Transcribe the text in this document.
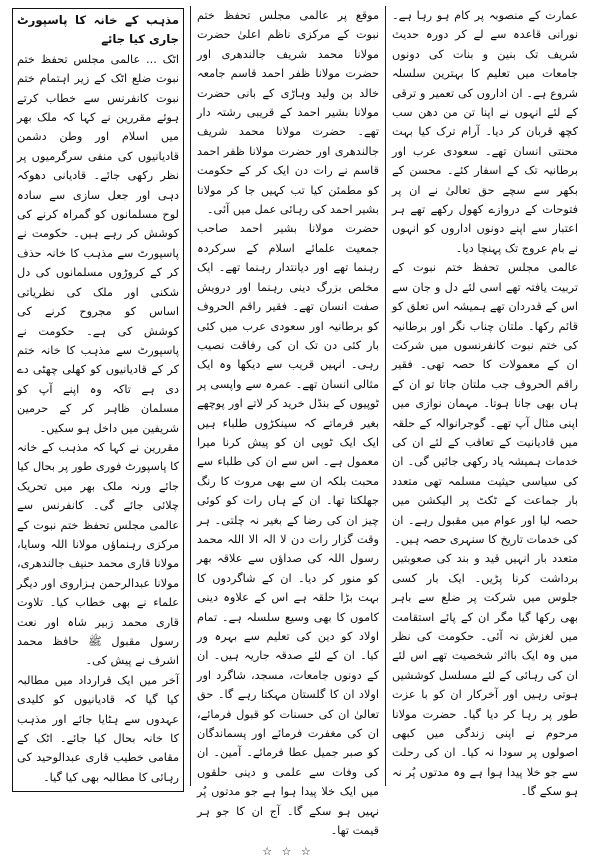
عمارت کے منصوبہ پر کام ہو رہا ہے۔ نورانی قاعدہ سے لے کر دورہ حدیث شریف تک بنین و بنات کی دونوں جامعات میں تعلیم کا بہترین سلسلہ شروع ہے۔ ان اداروں کی تعمیر و ترقی کے لئے انہوں نے اپنا تن من دھن سب کچھ قربان کر دیا۔ آرام ترک کیا بہت محنتی انسان تھے۔ سعودی عرب اور برطانیہ تک کے اسفار کئے۔ محسن کے بکھر سے سچے حق تعالیٰ نے ان پر فتوحات کے دروازے کھول رکھے تھے ہر اعتبار سے اپنے دونوں اداروں کو انہوں نے بام عروج تک پہنچا دیا۔

عالمی مجلس تحفظ ختم نبوت کے تربیت یافتہ تھے اسی لئے دل و جان سے اس کے قدردان تھے ہمیشہ اس تعلق کو قائم رکھا۔ ملتان چناب نگر اور برطانیہ کی ختم نبوت کانفرنسوں میں شرکت ان کے معمولات کا حصہ تھی۔ فقیر راقم الحروف جب ملتان جاتا تو ان کے ہاں بھی جانا ہوتا۔ مہمان نوازی میں اپنی مثال آپ تھے۔ گوجرانوالہ کے حلقہ میں قادیانیت کے تعاقب کے لئے ان کی خدمات ہمیشہ یاد رکھی جائیں گی۔ ان کی سیاسی حیثیت مسلمہ تھی متعدد بار جماعت کے ٹکٹ پر الیکشن میں حصہ لیا اور عوام میں مقبول رہے۔ ان کی خدمات تاریخ کا سنہری حصہ ہیں۔

متعدد بار انہیں قید و بند کی صعوبتیں برداشت کرنا پڑیں۔ ایک بار کسی جلوس میں شرکت پر ضلع سے باہر بھی رکھا گیا مگر ان کے پائے استقامت میں لغزش نہ آئی۔ حکومت کی نظر میں وہ ایک بااثر شخصیت تھے اس لئے ان کی رہائی کے لئے مسلسل کوششیں ہوتی رہیں اور آخرکار ان کو با عزت طور پر رہا کر دیا گیا۔ حضرت مولانا مرحوم نے اپنی زندگی میں کبھی اصولوں پر سودا نہ کیا۔ ان کی رحلت سے جو خلا پیدا ہوا ہے وہ مدتوں پُر نہ ہو سکے گا۔

موقع پر عالمی مجلس تحفظ ختم نبوت کے مرکزی ناظم اعلیٰ حضرت مولانا محمد شریف جالندھری اور حضرت مولانا ظفر احمد قاسم جامعہ خالد بن ولید وہاڑی کے بانی حضرت مولانا بشیر احمد کے قریبی رشتہ دار تھے۔ حضرت مولانا محمد شریف جالندھری اور حضرت مولانا ظفر احمد قاسم نے رات دن ایک کر کے حکومت کو مطمئن کیا تب کہیں جا کر مولانا بشیر احمد کی رہائی عمل میں آئی۔

حضرت مولانا بشیر احمد صاحب جمعیت علمائے اسلام کے سرکردہ رہنما تھے اور دیانتدار رہنما تھے۔ ایک مخلص بزرگ دینی رہنما اور درویش صفت انسان تھے۔ فقیر راقم الحروف کو برطانیہ اور سعودی عرب میں کئی بار کئی دن تک ان کی رفاقت نصیب رہی۔ انہیں قریب سے دیکھا وہ ایک مثالی انسان تھے۔ عمرہ سے واپسی پر ٹوپیوں کے بنڈل خرید کر لاتے اور پوچھے بغیر فرماتے کہ سینکڑوں طلباء ہیں ایک ایک ٹوپی ان کو پیش کرنا میرا معمول ہے۔ اس سے ان کی طلباء سے محبت بلکہ ان سے بھی مروت کا رنگ جھلکتا تھا۔ ان کے ہاں رات کو کوئی چیز ان کی رضا کے بغیر نہ چلتی۔ ہر وقت گزار رات دن لا الہ الا اللہ محمد رسول اللہ کی صداؤں سے علاقہ بھر کو منور کر دیا۔ ان کے شاگردوں کا بہت بڑا حلقہ ہے اس کے علاوہ دینی کاموں کا بھی وسیع سلسلہ ہے۔ تمام اولاد کو دین کی تعلیم سے بہرہ ور کیا۔ ان کے لئے صدقہ جاریہ ہیں۔ ان کے دونوں جامعات، مسجد، شاگرد اور اولاد ان کا گلستان مہکتا رہے گا۔ حق تعالیٰ ان کی حسنات کو قبول فرمائے، ان کی مغفرت فرمائے اور پسماندگان کو صبر جمیل عطا فرمائے۔ آمین۔ ان کی وفات سے علمی و دینی حلقوں میں ایک خلا پیدا ہوا ہے جو مدتوں پُر نہیں ہو سکے گا۔ آج ان کا جو ہر قیمت تھا۔

☆ ☆ ☆

مذہب کے خانہ کا پاسپورٹ جاری کیا جائے

اٹک ... عالمی مجلس تحفظ ختم نبوت ضلع اٹک کے زیر اہتمام ختم نبوت کانفرنس سے خطاب کرتے ہوئے مقررین نے کہا کہ ملک بھر میں اسلام اور وطن دشمن قادیانیوں کی منفی سرگرمیوں پر نظر رکھی جائے۔ قادیانی دھوکہ دہی اور جعل سازی سے سادہ لوح مسلمانوں کو گمراہ کرنے کی کوشش کر رہے ہیں۔ حکومت نے پاسپورٹ سے مذہب کا خانہ حذف کر کے کروڑوں مسلمانوں کی دل شکنی اور ملک کی نظریاتی اساس کو مجروح کرنے کی کوشش کی ہے۔ حکومت نے پاسپورٹ سے مذہب کا خانہ ختم کر کے قادیانیوں کو کھلی چھٹی دے دی ہے تاکہ وہ اپنے آپ کو مسلمان ظاہر کر کے حرمین شریفین میں داخل ہو سکیں۔

مقررین نے کہا کہ مذہب کے خانہ کا پاسپورٹ فوری طور پر بحال کیا جائے ورنہ ملک بھر میں تحریک چلائی جائے گی۔ کانفرنس سے عالمی مجلس تحفظ ختم نبوت کے مرکزی رہنماؤں مولانا اللہ وسایا، مولانا قاری محمد حنیف جالندھری، مولانا عبدالرحمن ہزاروی اور دیگر علماء نے بھی خطاب کیا۔ تلاوت قاری محمد زبیر شاہ اور نعت رسول مقبول ﷺ حافظ محمد اشرف نے پیش کی۔

آخر میں ایک قرارداد میں مطالبہ کیا گیا کہ قادیانیوں کو کلیدی عہدوں سے ہٹایا جائے اور مذہب کا خانہ بحال کیا جائے۔ اٹک کے مقامی خطیب قاری عبدالوحید کی رہائی کا مطالبہ بھی کیا گیا۔
